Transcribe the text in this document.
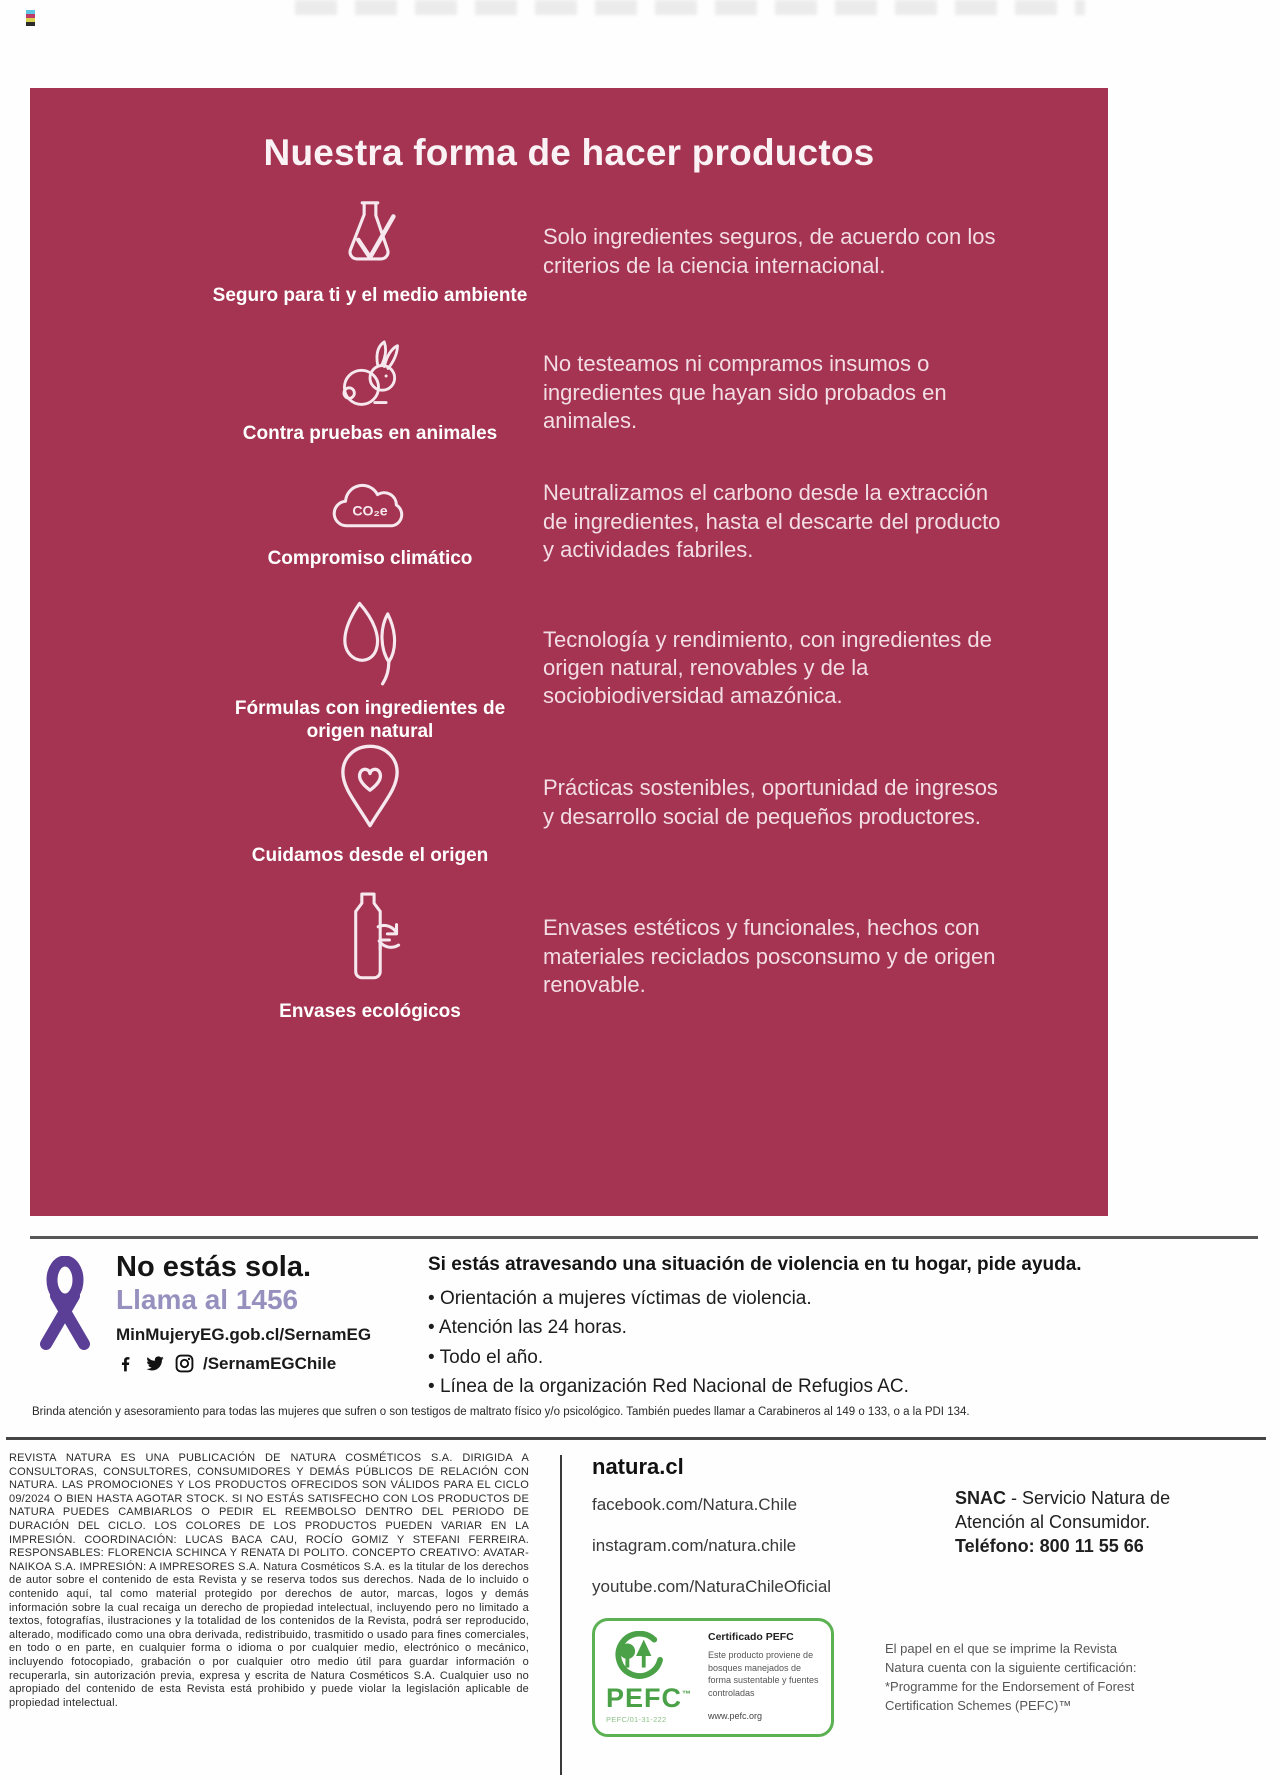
Nuestra forma de hacer productos
Seguro para ti y el medio ambiente
Solo ingredientes seguros, de acuerdo con los criterios de la ciencia internacional.
Contra pruebas en animales
No testeamos ni compramos insumos o ingredientes que hayan sido probados en animales.
CO₂e
Compromiso climático
Neutralizamos el carbono desde la extracción de ingredientes, hasta el descarte del producto y actividades fabriles.
Fórmulas con ingredientes de origen natural
Tecnología y rendimiento, con ingredientes de origen natural, renovables y de la sociobiodiversidad amazónica.
Cuidamos desde el origen
Prácticas sostenibles, oportunidad de ingresos y desarrollo social de pequeños productores.
Envases ecológicos
Envases estéticos y funcionales, hechos con materiales reciclados posconsumo y de origen renovable.
No estás sola.
Llama al 1456
MinMujeryEG.gob.cl/SernamEG
/SernamEGChile
Si estás atravesando una situación de violencia en tu hogar, pide ayuda.
• Orientación a mujeres víctimas de violencia.
• Atención las 24 horas.
• Todo el año.
• Línea de la organización Red Nacional de Refugios AC.
Brinda atención y asesoramiento para todas las mujeres que sufren o son testigos de maltrato físico y/o psicológico. También puedes llamar a Carabineros al 149 o 133, o a la PDI 134.
REVISTA NATURA ES UNA PUBLICACIÓN DE NATURA COSMÉTICOS S.A. DIRIGIDA A CONSULTORAS, CONSULTORES, CONSUMIDORES Y DEMÁS PÚBLICOS DE RELACIÓN CON NATURA. LAS PROMOCIONES Y LOS PRODUCTOS OFRECIDOS SON VÁLIDOS PARA EL CICLO 09/2024 O BIEN HASTA AGOTAR STOCK. SI NO ESTÁS SATISFECHO CON LOS PRODUCTOS DE NATURA PUEDES CAMBIARLOS O PEDIR EL REEMBOLSO DENTRO DEL PERIODO DE DURACIÓN DEL CICLO. LOS COLORES DE LOS PRODUCTOS PUEDEN VARIAR EN LA IMPRESIÓN. COORDINACIÓN: LUCAS BACA CAU, ROCÍO GOMIZ Y STEFANI FERREIRA. RESPONSABLES: FLORENCIA SCHINCA Y RENATA DI POLITO. CONCEPTO CREATIVO: AVATAR-NAIKOA S.A. IMPRESIÓN: A IMPRESORES S.A. Natura Cosméticos S.A. es la titular de los derechos de autor sobre el contenido de esta Revista y se reserva todos sus derechos. Nada de lo incluido o contenido aquí, tal como material protegido por derechos de autor, marcas, logos y demás información sobre la cual recaiga un derecho de propiedad intelectual, incluyendo pero no limitado a textos, fotografías, ilustraciones y la totalidad de los contenidos de la Revista, podrá ser reproducido, alterado, modificado como una obra derivada, redistribuido, trasmitido o usado para fines comerciales, en todo o en parte, en cualquier forma o idioma o por cualquier medio, electrónico o mecánico, incluyendo fotocopiado, grabación o por cualquier otro medio útil para guardar información o recuperarla, sin autorización previa, expresa y escrita de Natura Cosméticos S.A. Cualquier uso no apropiado del contenido de esta Revista está prohibido y puede violar la legislación aplicable de propiedad intelectual.
natura.cl
facebook.com/Natura.Chile
instagram.com/natura.chile
youtube.com/NaturaChileOficial
PEFC™
PEFC/01-31-222
Certificado PEFC
Este producto proviene de bosques manejados de forma sustentable y fuentes controladas
www.pefc.org
SNAC - Servicio Natura de Atención al Consumidor.
Teléfono: 800 11 55 66
El papel en el que se imprime la Revista Natura cuenta con la siguiente certificación: *Programme for the Endorsement of Forest Certification Schemes (PEFC)™
